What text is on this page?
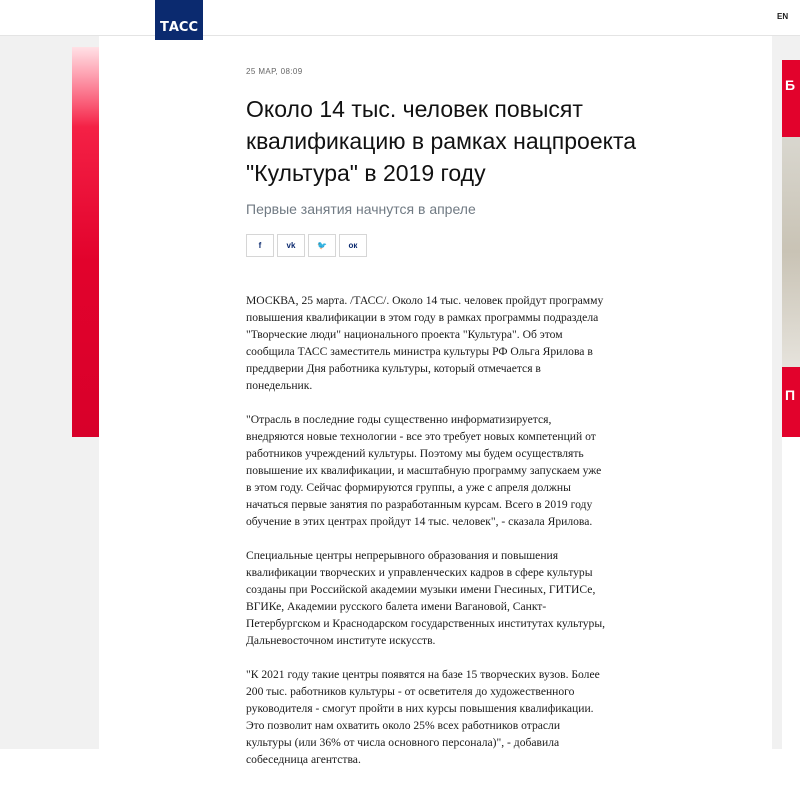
ТАСС
EN
Б
П
25 МАР, 08:09
Около 14 тыс. человек повысят
квалификацию в рамках нацпроекта
"Культура" в 2019 году
Первые занятия начнутся в апреле
f	vk	🐦	ок

МОСКВА, 25 марта. /ТАСС/. Около 14 тыс. человек пройдут программу
повышения квалификации в этом году в рамках программы подраздела
"Творческие люди" национального проекта "Культура". Об этом
сообщила ТАСС заместитель министра культуры РФ Ольга Ярилова в
преддверии Дня работника культуры, который отмечается в
понедельник.

"Отрасль в последние годы существенно информатизируется,
внедряются новые технологии - все это требует новых компетенций от
работников учреждений культуры. Поэтому мы будем осуществлять
повышение их квалификации, и масштабную программу запускаем уже
в этом году. Сейчас формируются группы, а уже с апреля должны
начаться первые занятия по разработанным курсам. Всего в 2019 году
обучение в этих центрах пройдут 14 тыс. человек", - сказала Ярилова.

Специальные центры непрерывного образования и повышения
квалификации творческих и управленческих кадров в сфере культуры
созданы при Российской академии музыки имени Гнесиных, ГИТИСе,
ВГИКе, Академии русского балета имени Вагановой, Санкт-
Петербургском и Краснодарском государственных институтах культуры,
Дальневосточном институте искусств.

"К 2021 году такие центры появятся на базе 15 творческих вузов. Более
200 тыс. работников культуры - от осветителя до художественного
руководителя - смогут пройти в них курсы повышения квалификации.
Это позволит нам охватить около 25% всех работников отрасли
культуры (или 36% от числа основного персонала)", - добавила
собеседница агентства.
